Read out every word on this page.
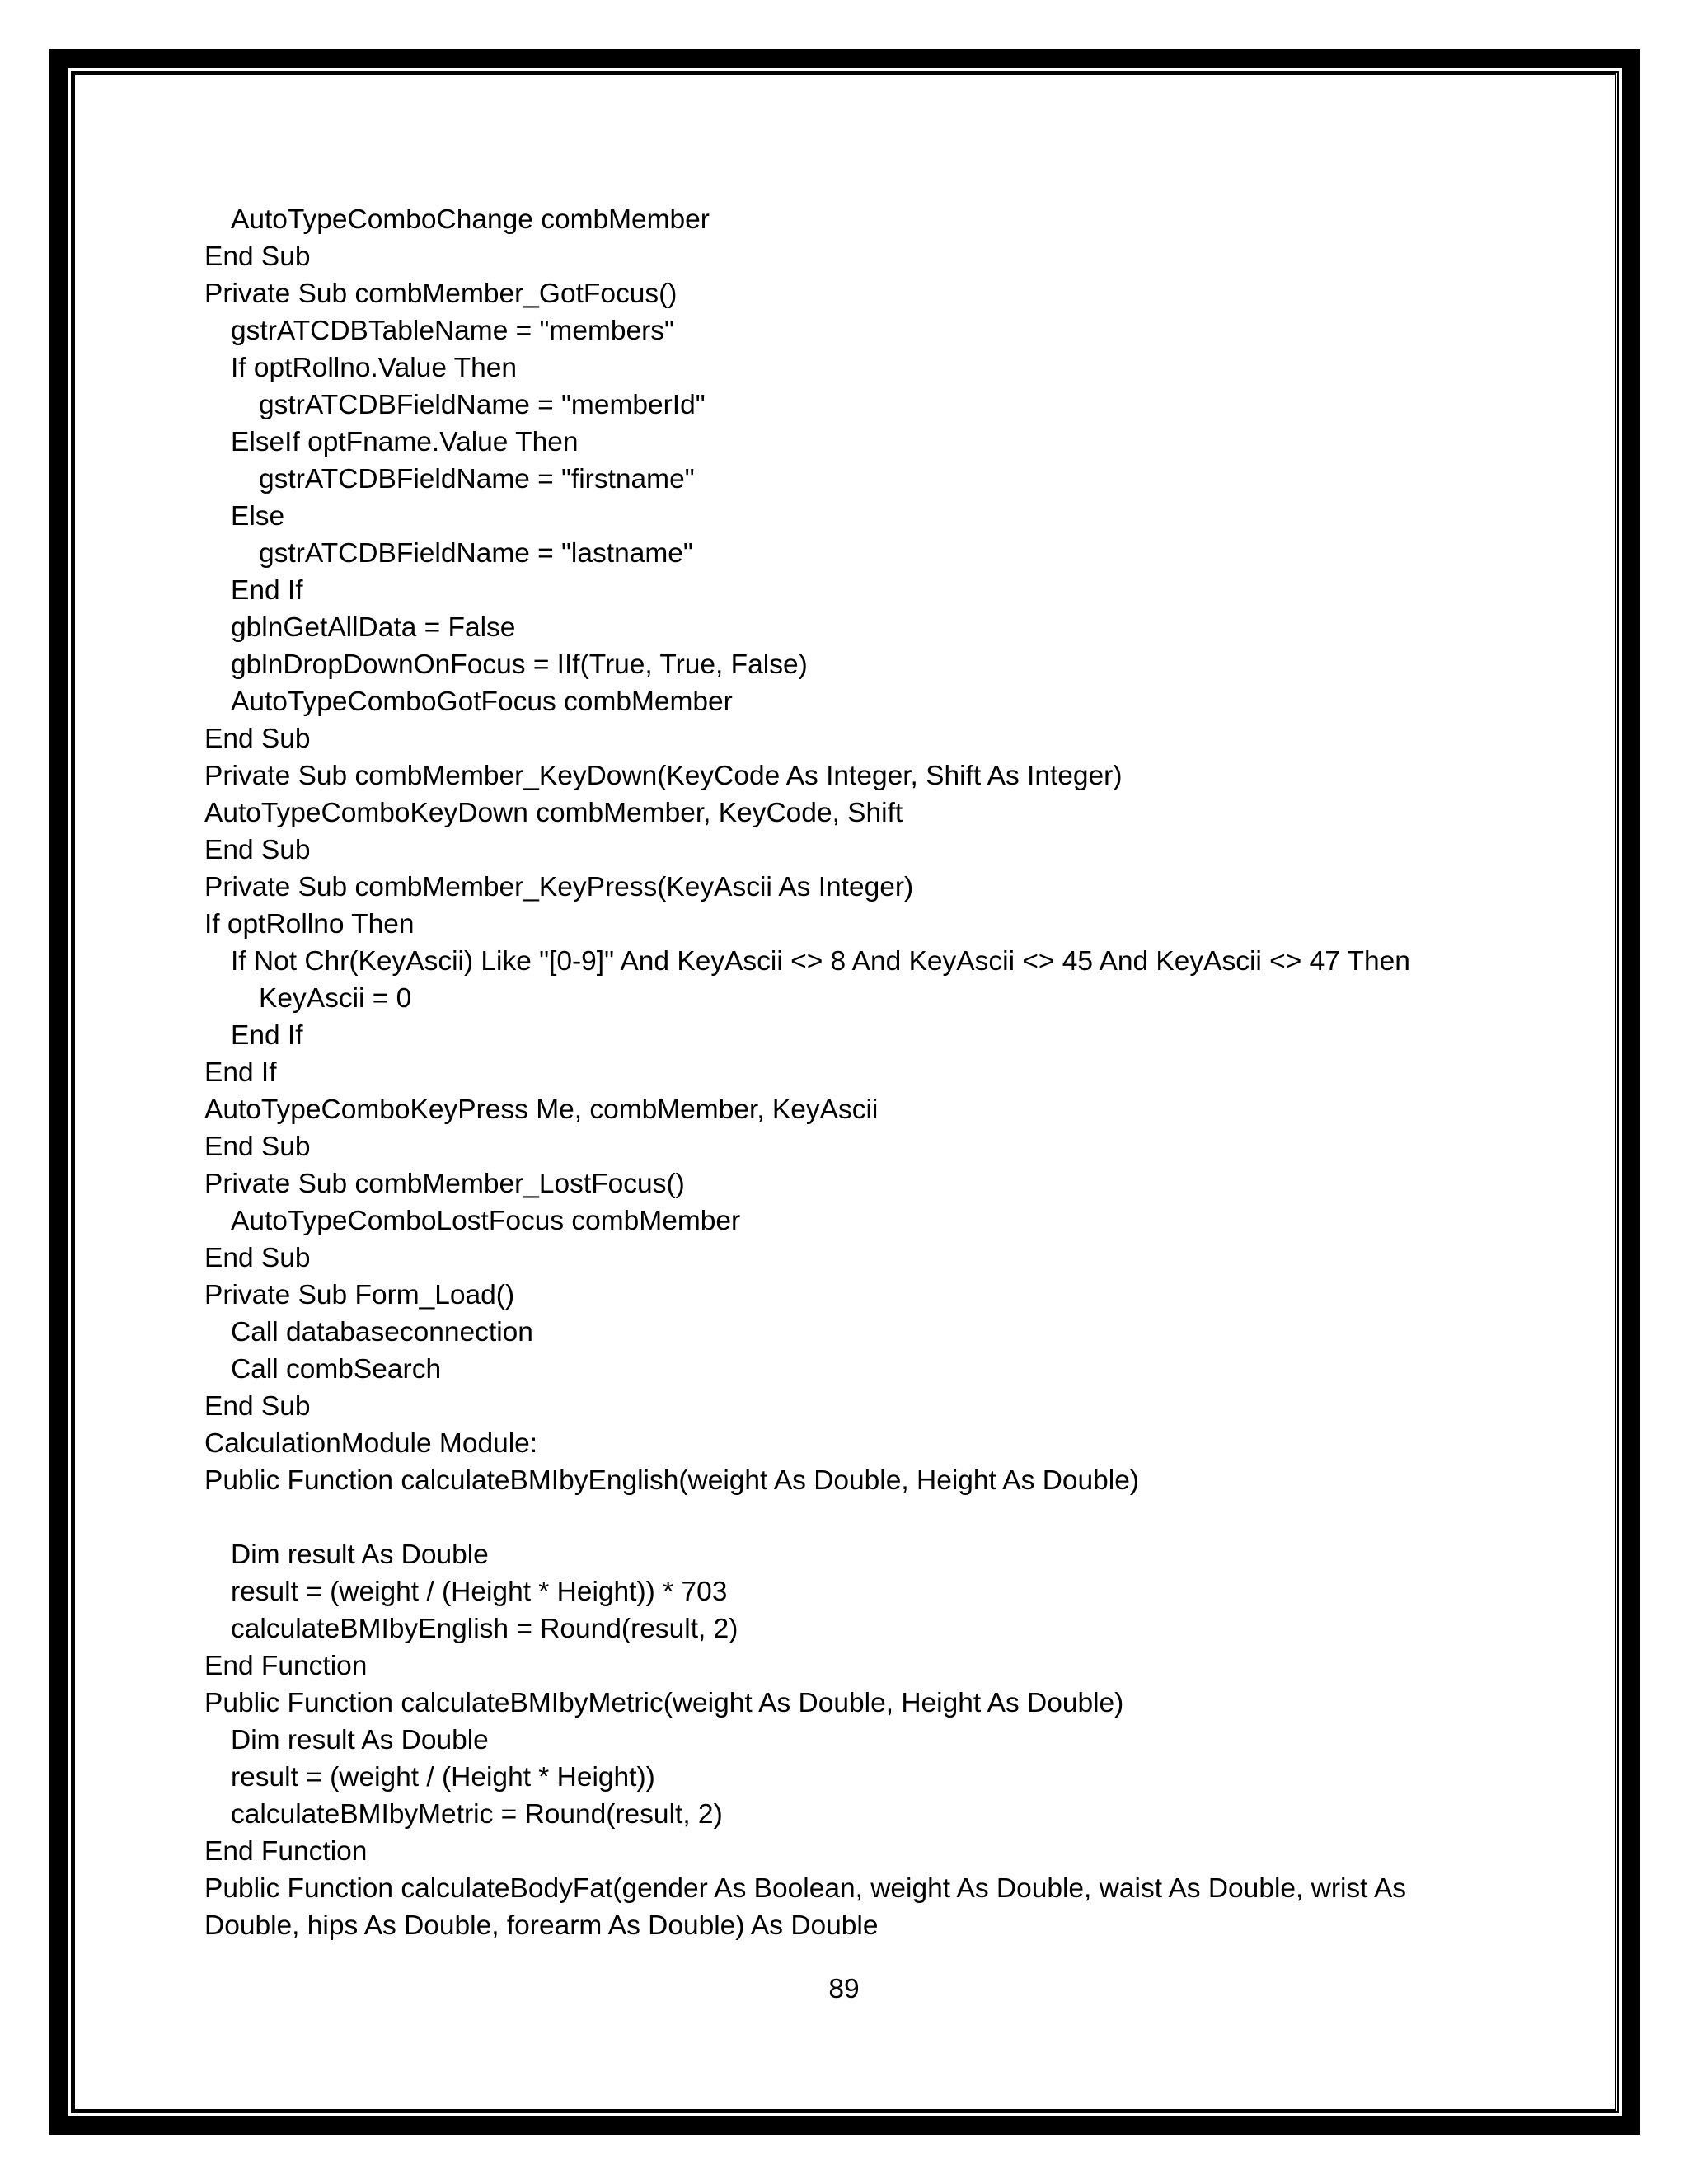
AutoTypeComboChange combMember
End Sub
Private Sub combMember_GotFocus()
gstrATCDBTableName = "members"
If optRollno.Value Then
gstrATCDBFieldName = "memberId"
ElseIf optFname.Value Then
gstrATCDBFieldName = "firstname"
Else
gstrATCDBFieldName = "lastname"
End If
gblnGetAllData = False
gblnDropDownOnFocus = IIf(True, True, False)
AutoTypeComboGotFocus combMember
End Sub
Private Sub combMember_KeyDown(KeyCode As Integer, Shift As Integer)
AutoTypeComboKeyDown combMember, KeyCode, Shift
End Sub
Private Sub combMember_KeyPress(KeyAscii As Integer)
If optRollno Then
If Not Chr(KeyAscii) Like "[0-9]" And KeyAscii <> 8 And KeyAscii <> 45 And KeyAscii <> 47 Then
KeyAscii = 0
End If
End If
AutoTypeComboKeyPress Me, combMember, KeyAscii
End Sub
Private Sub combMember_LostFocus()
AutoTypeComboLostFocus combMember
End Sub
Private Sub Form_Load()
Call databaseconnection
Call combSearch
End Sub
CalculationModule Module:
Public Function calculateBMIbyEnglish(weight As Double, Height As Double)
Dim result As Double
result = (weight / (Height * Height)) * 703
calculateBMIbyEnglish = Round(result, 2)
End Function
Public Function calculateBMIbyMetric(weight As Double, Height As Double)
Dim result As Double
result = (weight / (Height * Height))
calculateBMIbyMetric = Round(result, 2)
End Function
Public Function calculateBodyFat(gender As Boolean, weight As Double, waist As Double, wrist As
Double, hips As Double, forearm As Double) As Double
89
